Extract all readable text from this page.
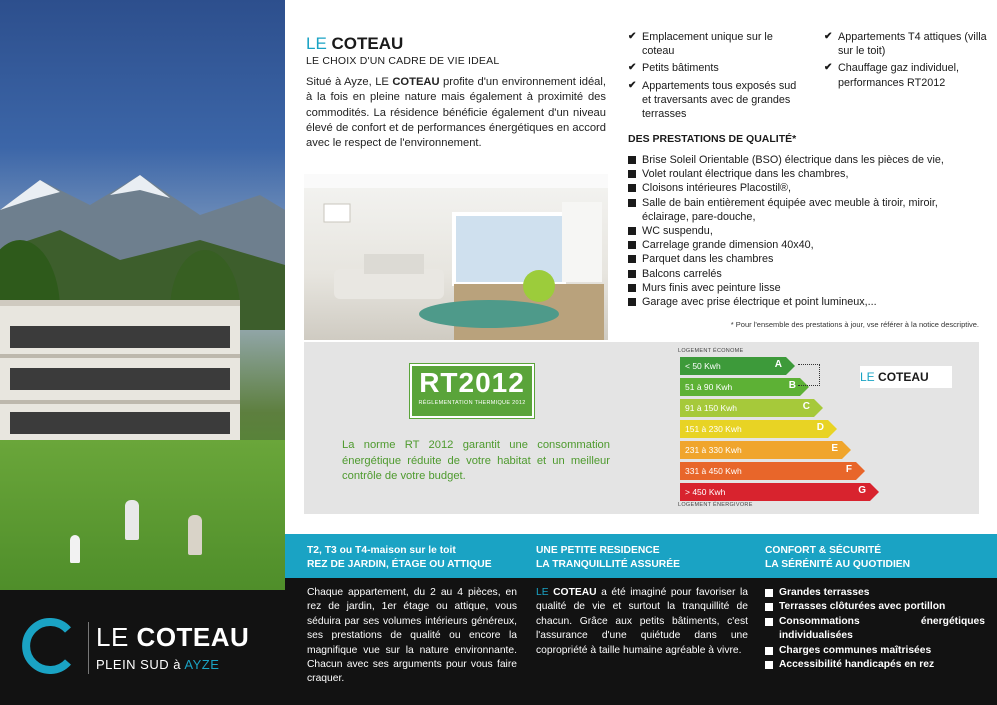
LE COTEAU
LE CHOIX D'UN CADRE DE VIE IDEAL
Situé à Ayze, LE COTEAU profite d'un environnement idéal, à la fois en pleine nature mais également à proximité des commodités. La résidence bénéficie également d'un niveau élevé de confort et de performances énergétiques en accord avec le respect de l'environnement.
✔ Emplacement unique sur le coteau
✔ Petits bâtiments
✔ Appartements tous exposés sud et traversants avec de grandes terrasses
✔ Appartements T4 attiques (villa sur le toit)
✔ Chauffage gaz individuel, performances RT2012
DES PRESTATIONS DE QUALITÉ*
Brise Soleil Orientable (BSO) électrique dans les pièces de vie,
Volet roulant électrique dans les chambres,
Cloisons intérieures Placostil®,
Salle de bain entièrement équipée avec meuble à tiroir, miroir, éclairage, pare-douche,
WC suspendu,
Carrelage grande dimension 40x40,
Parquet dans les chambres
Balcons carrelés
Murs finis avec peinture lisse
Garage avec prise électrique et point lumineux,...
* Pour l'ensemble des prestations à jour, vse référer à la notice descriptive.
RT2012
RÉGLEMENTATION THERMIQUE 2012
La norme RT 2012 garantit une consommation énergétique réduite de votre habitat et un meilleur contrôle de votre budget.
LOGEMENT ÉCONOME
< 50 Kwh	A
51 à 90 Kwh	B
91 à 150 Kwh	C
151 à 230 Kwh	D
231 à 330 Kwh	E
331 à 450 Kwh	F
> 450 Kwh	G
LOGEMENT ÉNERGIVORE
LE COTEAU
T2, T3 ou T4-maison sur le toit
REZ DE JARDIN, ÉTAGE OU ATTIQUE
UNE PETITE RESIDENCE
LA TRANQUILLITÉ ASSURÉE
CONFORT & SÉCURITÉ
LA SÉRÉNITÉ AU QUOTIDIEN
Chaque appartement, du 2 au 4 pièces, en rez de jardin, 1er étage ou attique, vous séduira par ses volumes intérieurs généreux, ses prestations de qualité ou encore la magnifique vue sur la nature environnante. Chacun avec ses arguments pour vous faire craquer.
LE COTEAU a été imaginé pour favoriser la qualité de vie et surtout la tranquillité de chacun. Grâce aux petits bâtiments, c'est l'assurance d'une quiétude dans une copropriété à taille humaine agréable à vivre.
Grandes terrasses
Terrasses clôturées avec portillon
Consommations énergétiques individualisées
Charges communes maîtrisées
Accessibilité handicapés en rez
LE COTEAU
PLEIN SUD à AYZE
